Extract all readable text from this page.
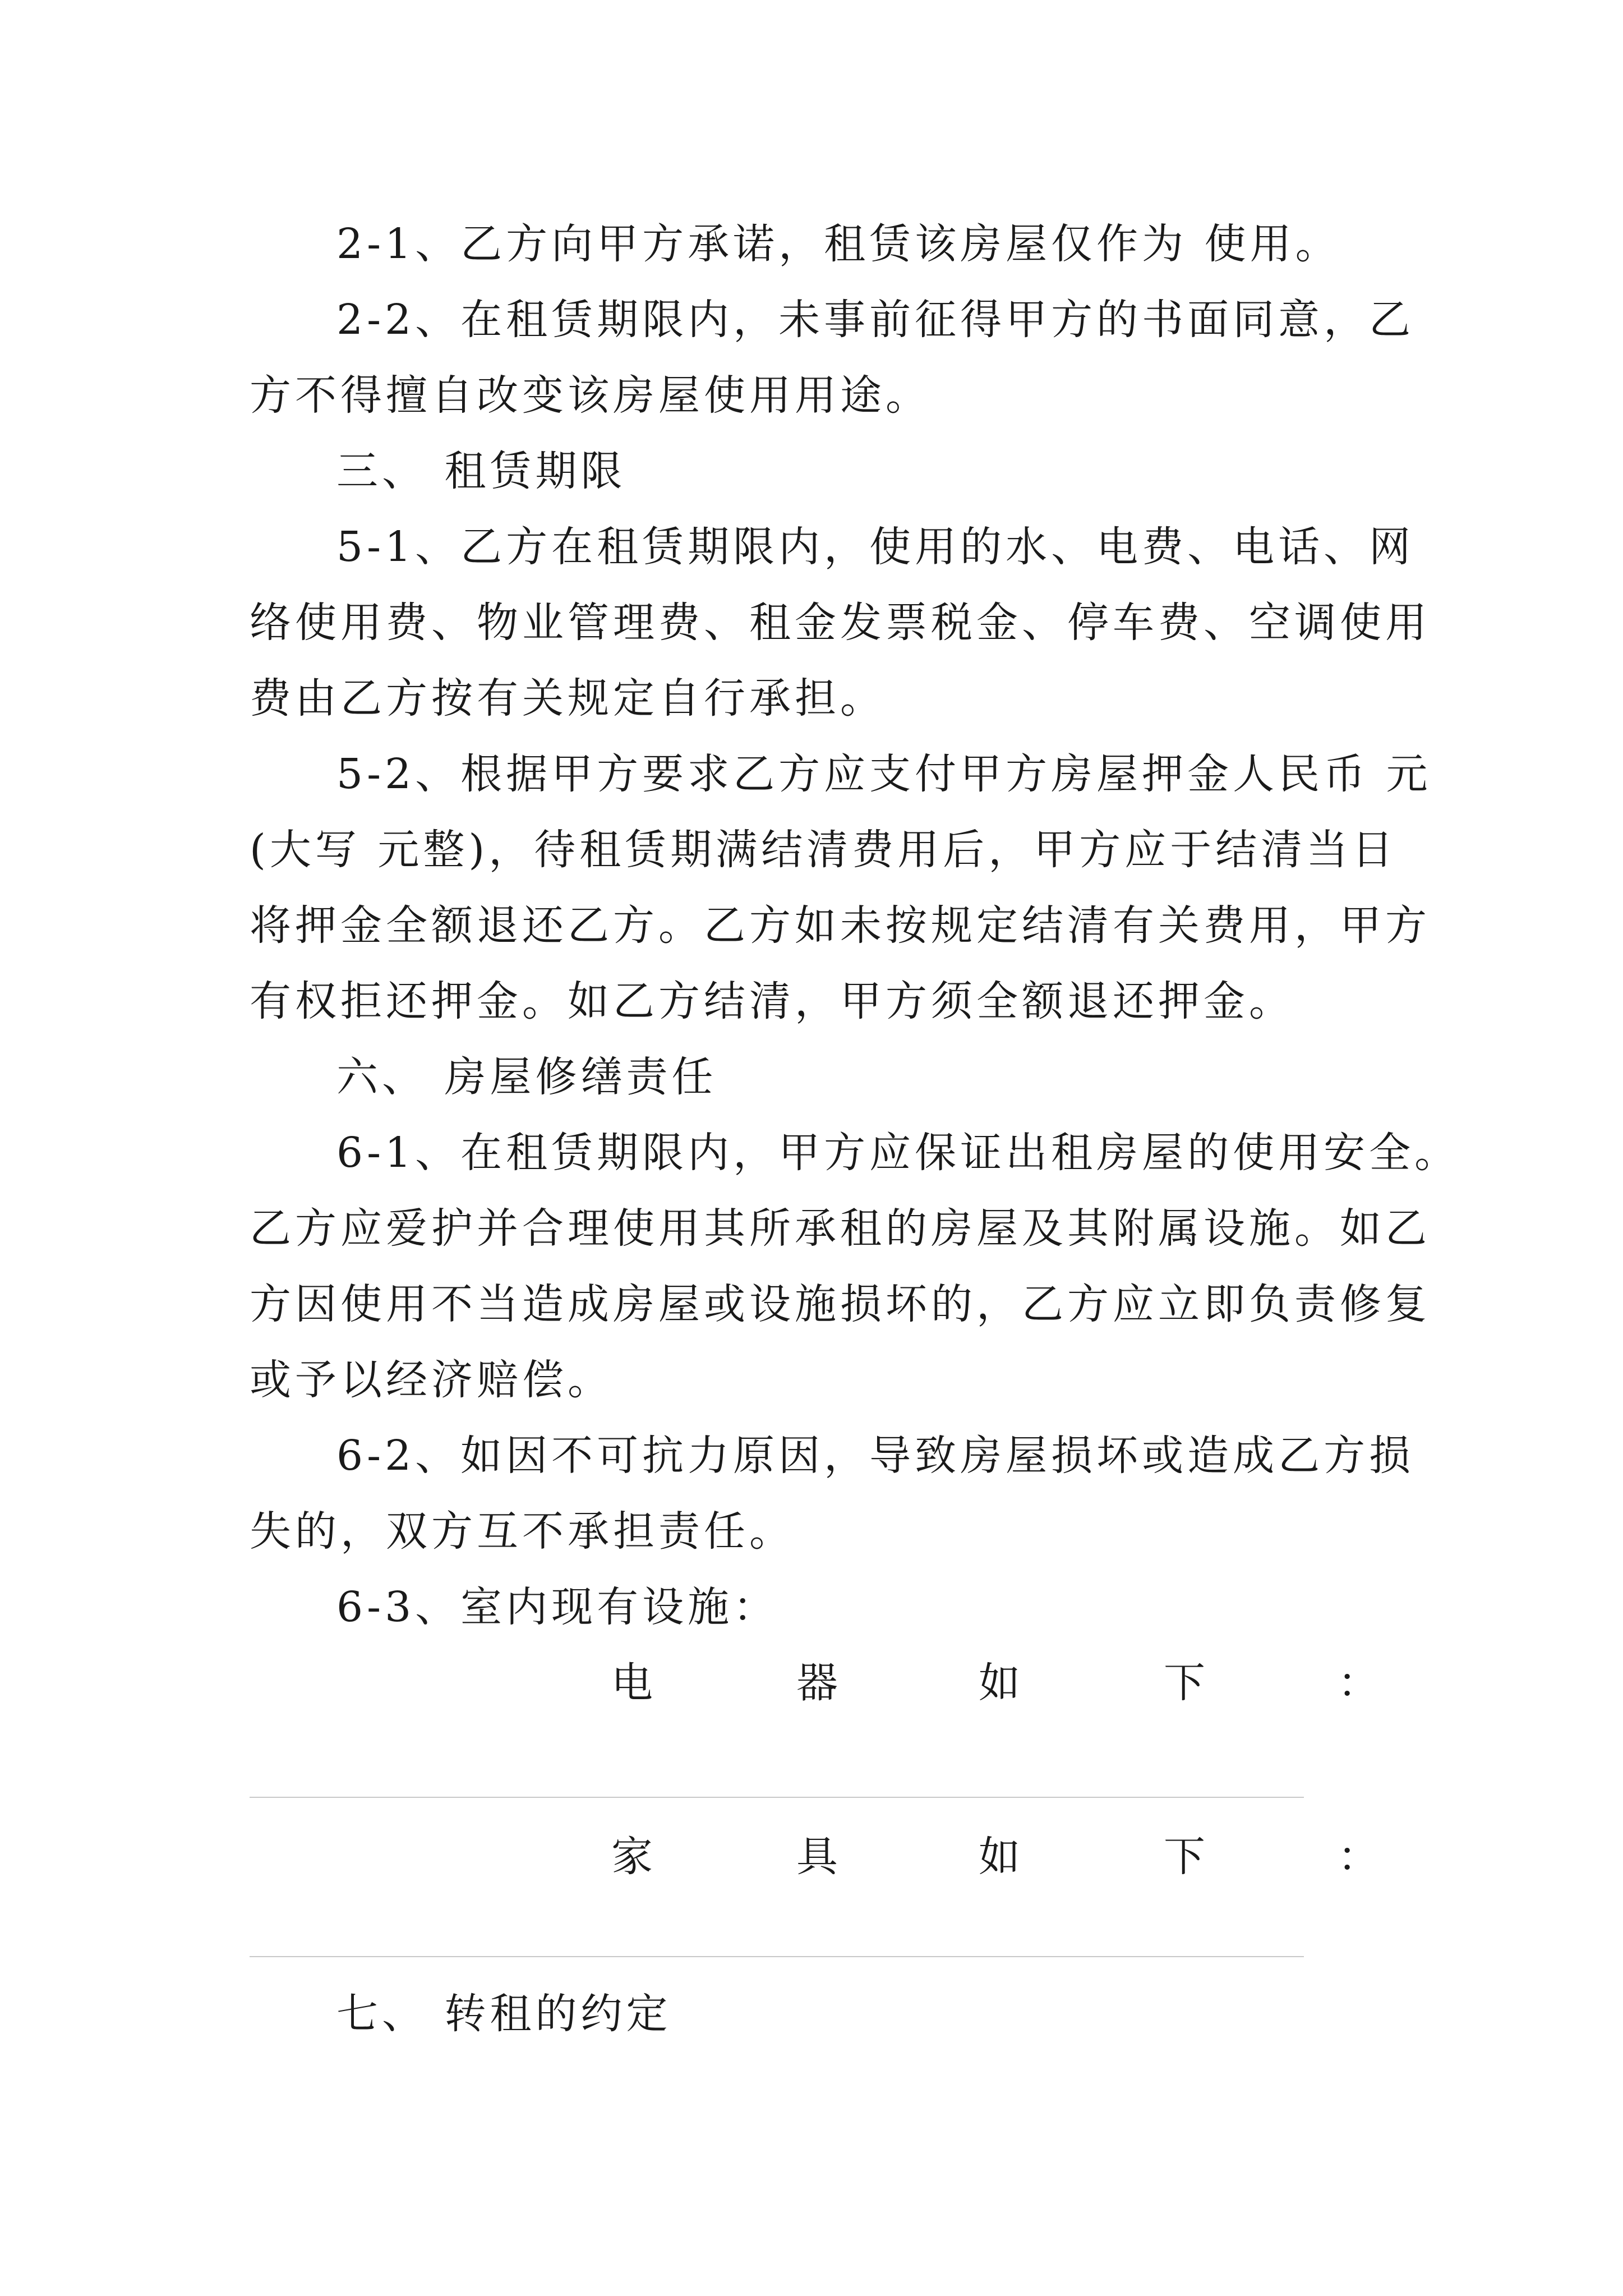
2-1、乙方向甲方承诺，租赁该房屋仅作为 使用。
2-2、在租赁期限内，未事前征得甲方的书面同意，乙
方不得擅自改变该房屋使用用途。
三、 租赁期限
5-1、乙方在租赁期限内，使用的水、电费、电话、网
络使用费、物业管理费、租金发票税金、停车费、空调使用
费由乙方按有关规定自行承担。
5-2、根据甲方要求乙方应支付甲方房屋押金人民币 元
(大写 元整)，待租赁期满结清费用后，甲方应于结清当日
将押金全额退还乙方。乙方如未按规定结清有关费用，甲方
有权拒还押金。如乙方结清，甲方须全额退还押金。
六、 房屋修缮责任
6-1、在租赁期限内，甲方应保证出租房屋的使用安全。
乙方应爱护并合理使用其所承租的房屋及其附属设施。如乙
方因使用不当造成房屋或设施损坏的，乙方应立即负责修复
或予以经济赔偿。
6-2、如因不可抗力原因，导致房屋损坏或造成乙方损
失的，双方互不承担责任。
6-3、室内现有设施：
电	器	如	下	：
家	具	如	下	：
七、 转租的约定
